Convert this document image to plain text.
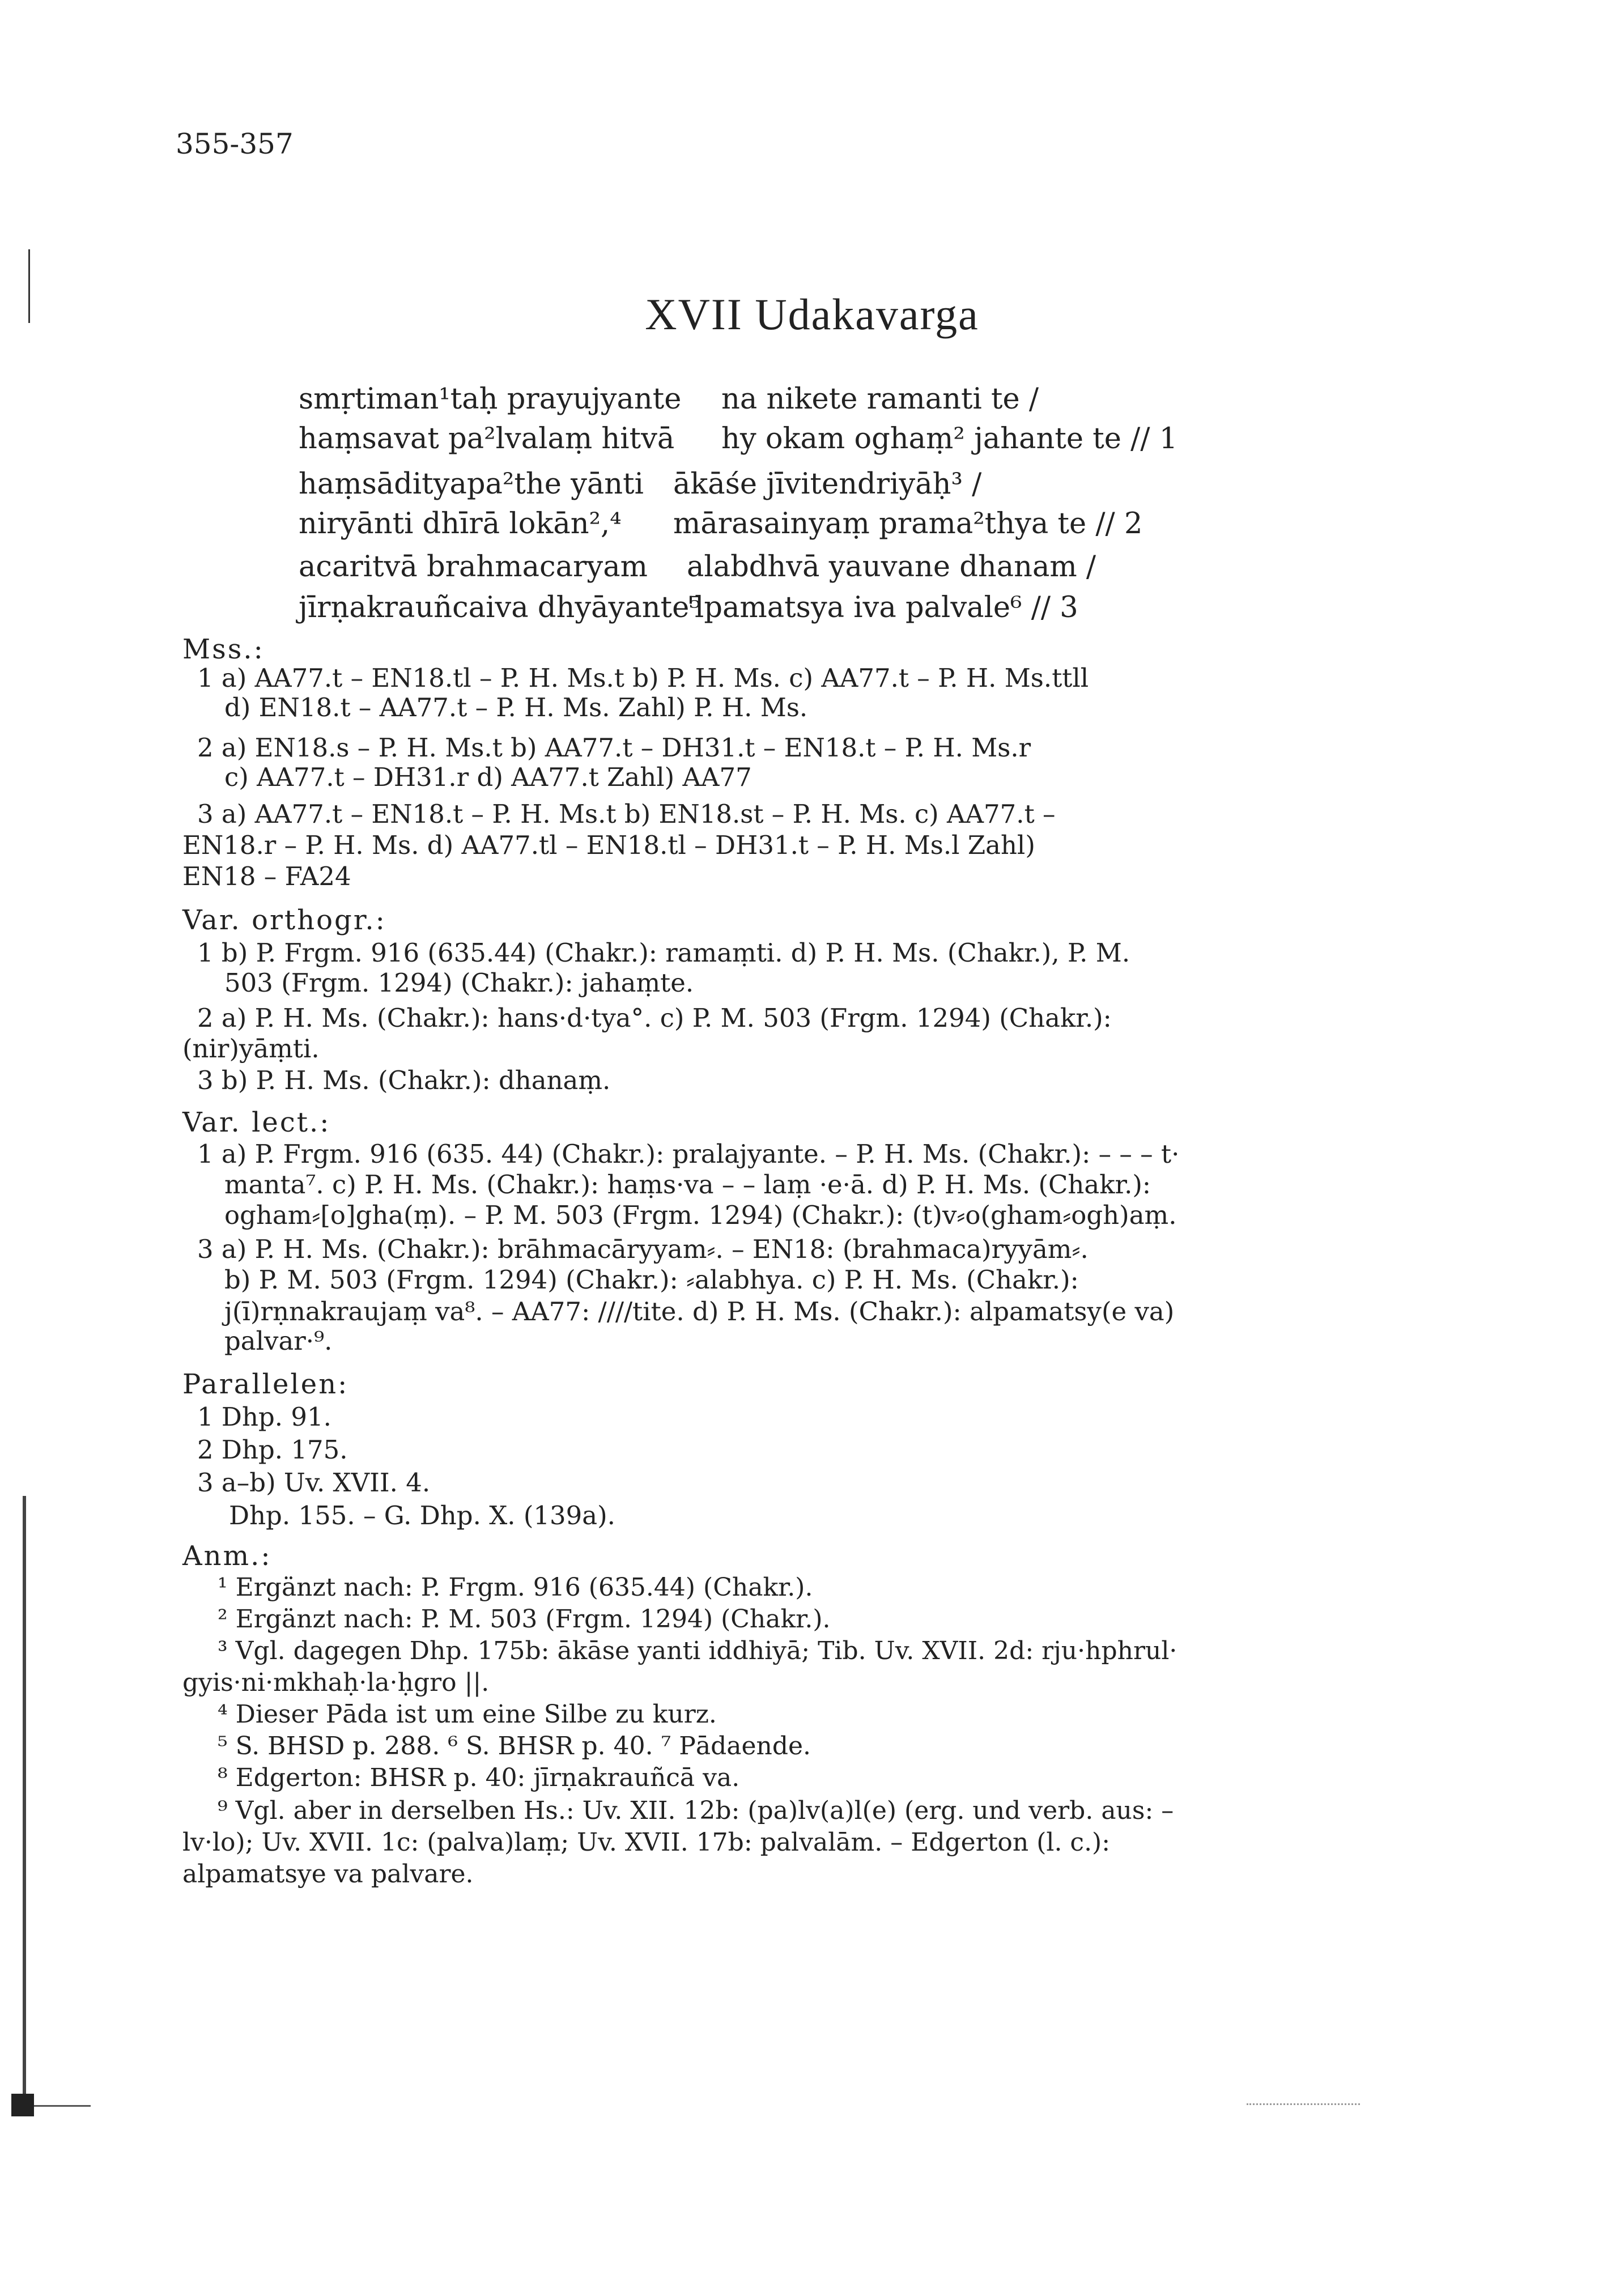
355-357
XVII Udakavarga
smṛtiman¹taḥ prayujyante na nikete ramanti te /
haṃsavat pa²lvalaṃ hitvā hy okam oghaṃ² jahante te // 1
haṃsādityapa²the yānti ākāśe jīvitendriyāḥ³ /
niryānti dhīrā lokān²,⁴ mārasainyaṃ prama²thya te // 2
acaritvā brahmacaryam alabdhvā yauvane dhanam /
jīrṇakrauñcaiva dhyāyante⁵
'lpamatsya iva palvale⁶ // 3
Mss.:
1 a) AA77.t – EN18.tl – P. H. Ms.t b) P. H. Ms. c) AA77.t – P. H. Ms.ttll
d) EN18.t – AA77.t – P. H. Ms. Zahl) P. H. Ms.
2 a) EN18.s – P. H. Ms.t b) AA77.t – DH31.t – EN18.t – P. H. Ms.r
c) AA77.t – DH31.r d) AA77.t Zahl) AA77
3 a) AA77.t – EN18.t – P. H. Ms.t b) EN18.st – P. H. Ms. c) AA77.t –
EN18.r – P. H. Ms. d) AA77.tl – EN18.tl – DH31.t – P. H. Ms.l Zahl)
EN18 – FA24
Var. orthogr.:
1 b) P. Frgm. 916 (635.44) (Chakr.): ramaṃti. d) P. H. Ms. (Chakr.), P. M.
503 (Frgm. 1294) (Chakr.): jahaṃte.
2 a) P. H. Ms. (Chakr.): hans·d·tya°. c) P. M. 503 (Frgm. 1294) (Chakr.):
(nir)yāṃti.
3 b) P. H. Ms. (Chakr.): dhanaṃ.
Var. lect.:
1 a) P. Frgm. 916 (635. 44) (Chakr.): pralajyante. – P. H. Ms. (Chakr.): – – – t·
manta⁷. c) P. H. Ms. (Chakr.): haṃs·va – – laṃ ·e·ā. d) P. H. Ms. (Chakr.):
ogham⸗[o]gha(ṃ). – P. M. 503 (Frgm. 1294) (Chakr.): (t)v⸗o(gham⸗ogh)aṃ.
3 a) P. H. Ms. (Chakr.): brāhmacāryyam⸗. – EN18: (brahmaca)ryyām⸗.
b) P. M. 503 (Frgm. 1294) (Chakr.): ⸗alabhya. c) P. H. Ms. (Chakr.):
j(ī)rṇnakraujaṃ va⁸. – AA77: ////tite. d) P. H. Ms. (Chakr.): alpamatsy(e va)
palvar·⁹.
Parallelen:
1 Dhp. 91.
2 Dhp. 175.
3 a–b) Uv. XVII. 4.
Dhp. 155. – G. Dhp. X. (139a).
Anm.:
¹ Ergänzt nach: P. Frgm. 916 (635.44) (Chakr.).
² Ergänzt nach: P. M. 503 (Frgm. 1294) (Chakr.).
³ Vgl. dagegen Dhp. 175b: ākāse yanti iddhiyā; Tib. Uv. XVII. 2d: rju·hphrul·
gyis·ni·mkhaḥ·la·ḥgro ||.
⁴ Dieser Pāda ist um eine Silbe zu kurz.
⁵ S. BHSD p. 288. ⁶ S. BHSR p. 40. ⁷ Pādaende.
⁸ Edgerton: BHSR p. 40: jīrṇakrauñcā va.
⁹ Vgl. aber in derselben Hs.: Uv. XII. 12b: (pa)lv(a)l(e) (erg. und verb. aus: –
lv·lo); Uv. XVII. 1c: (palva)laṃ; Uv. XVII. 17b: palvalām. – Edgerton (l. c.):
alpamatsye va palvare.
